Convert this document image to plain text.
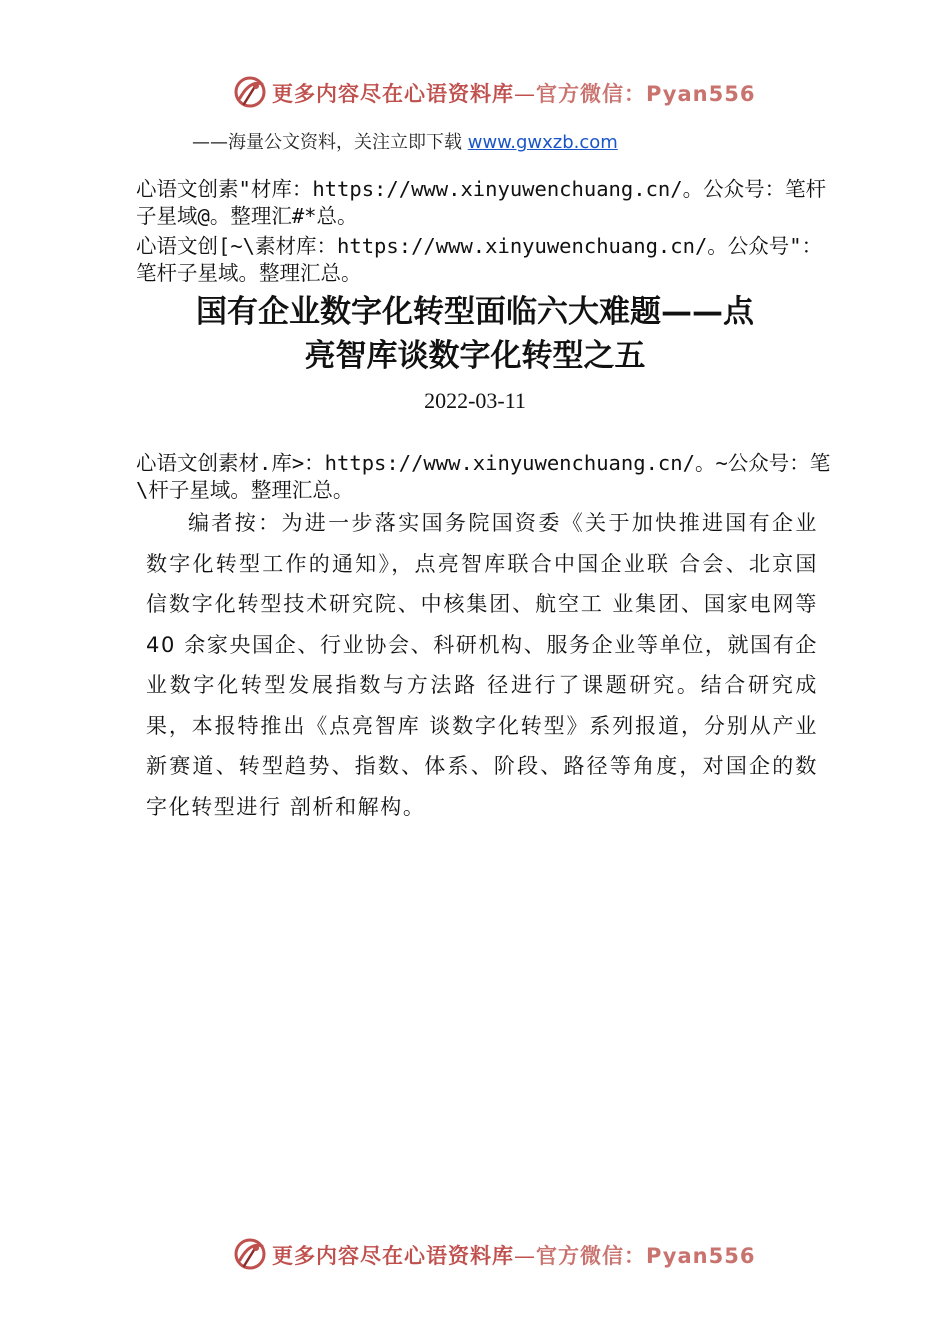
更多内容尽在心语资料库—官方微信：Pyan556
——海量公文资料，关注立即下载 www.gwxzb.com
心语文创素"材库：https://www.xinyuwenchuang.cn/。公众号：笔杆子星域@。整理汇#*总。
心语文创[~\素材库：https://www.xinyuwenchuang.cn/。公众号"：笔杆子星域。整理汇总。
国有企业数字化转型面临六大难题——点
亮智库谈数字化转型之五
2022-03-11
心语文创素材.库>：https://www.xinyuwenchuang.cn/。~公众号：笔\杆子星域。整理汇总。
编者按：为进一步落实国务院国资委《关于加快推进国有企业数字化转型工作的通知》，点亮智库联合中国企业联 合会、北京国信数字化转型技术研究院、中核集团、航空工 业集团、国家电网等 40 余家央国企、行业协会、科研机构、服务企业等单位，就国有企业数字化转型发展指数与方法路 径进行了课题研究。结合研究成果，本报特推出《点亮智库 谈数字化转型》系列报道，分别从产业新赛道、转型趋势、指数、体系、阶段、路径等角度，对国企的数字化转型进行 剖析和解构。
更多内容尽在心语资料库—官方微信：Pyan556
